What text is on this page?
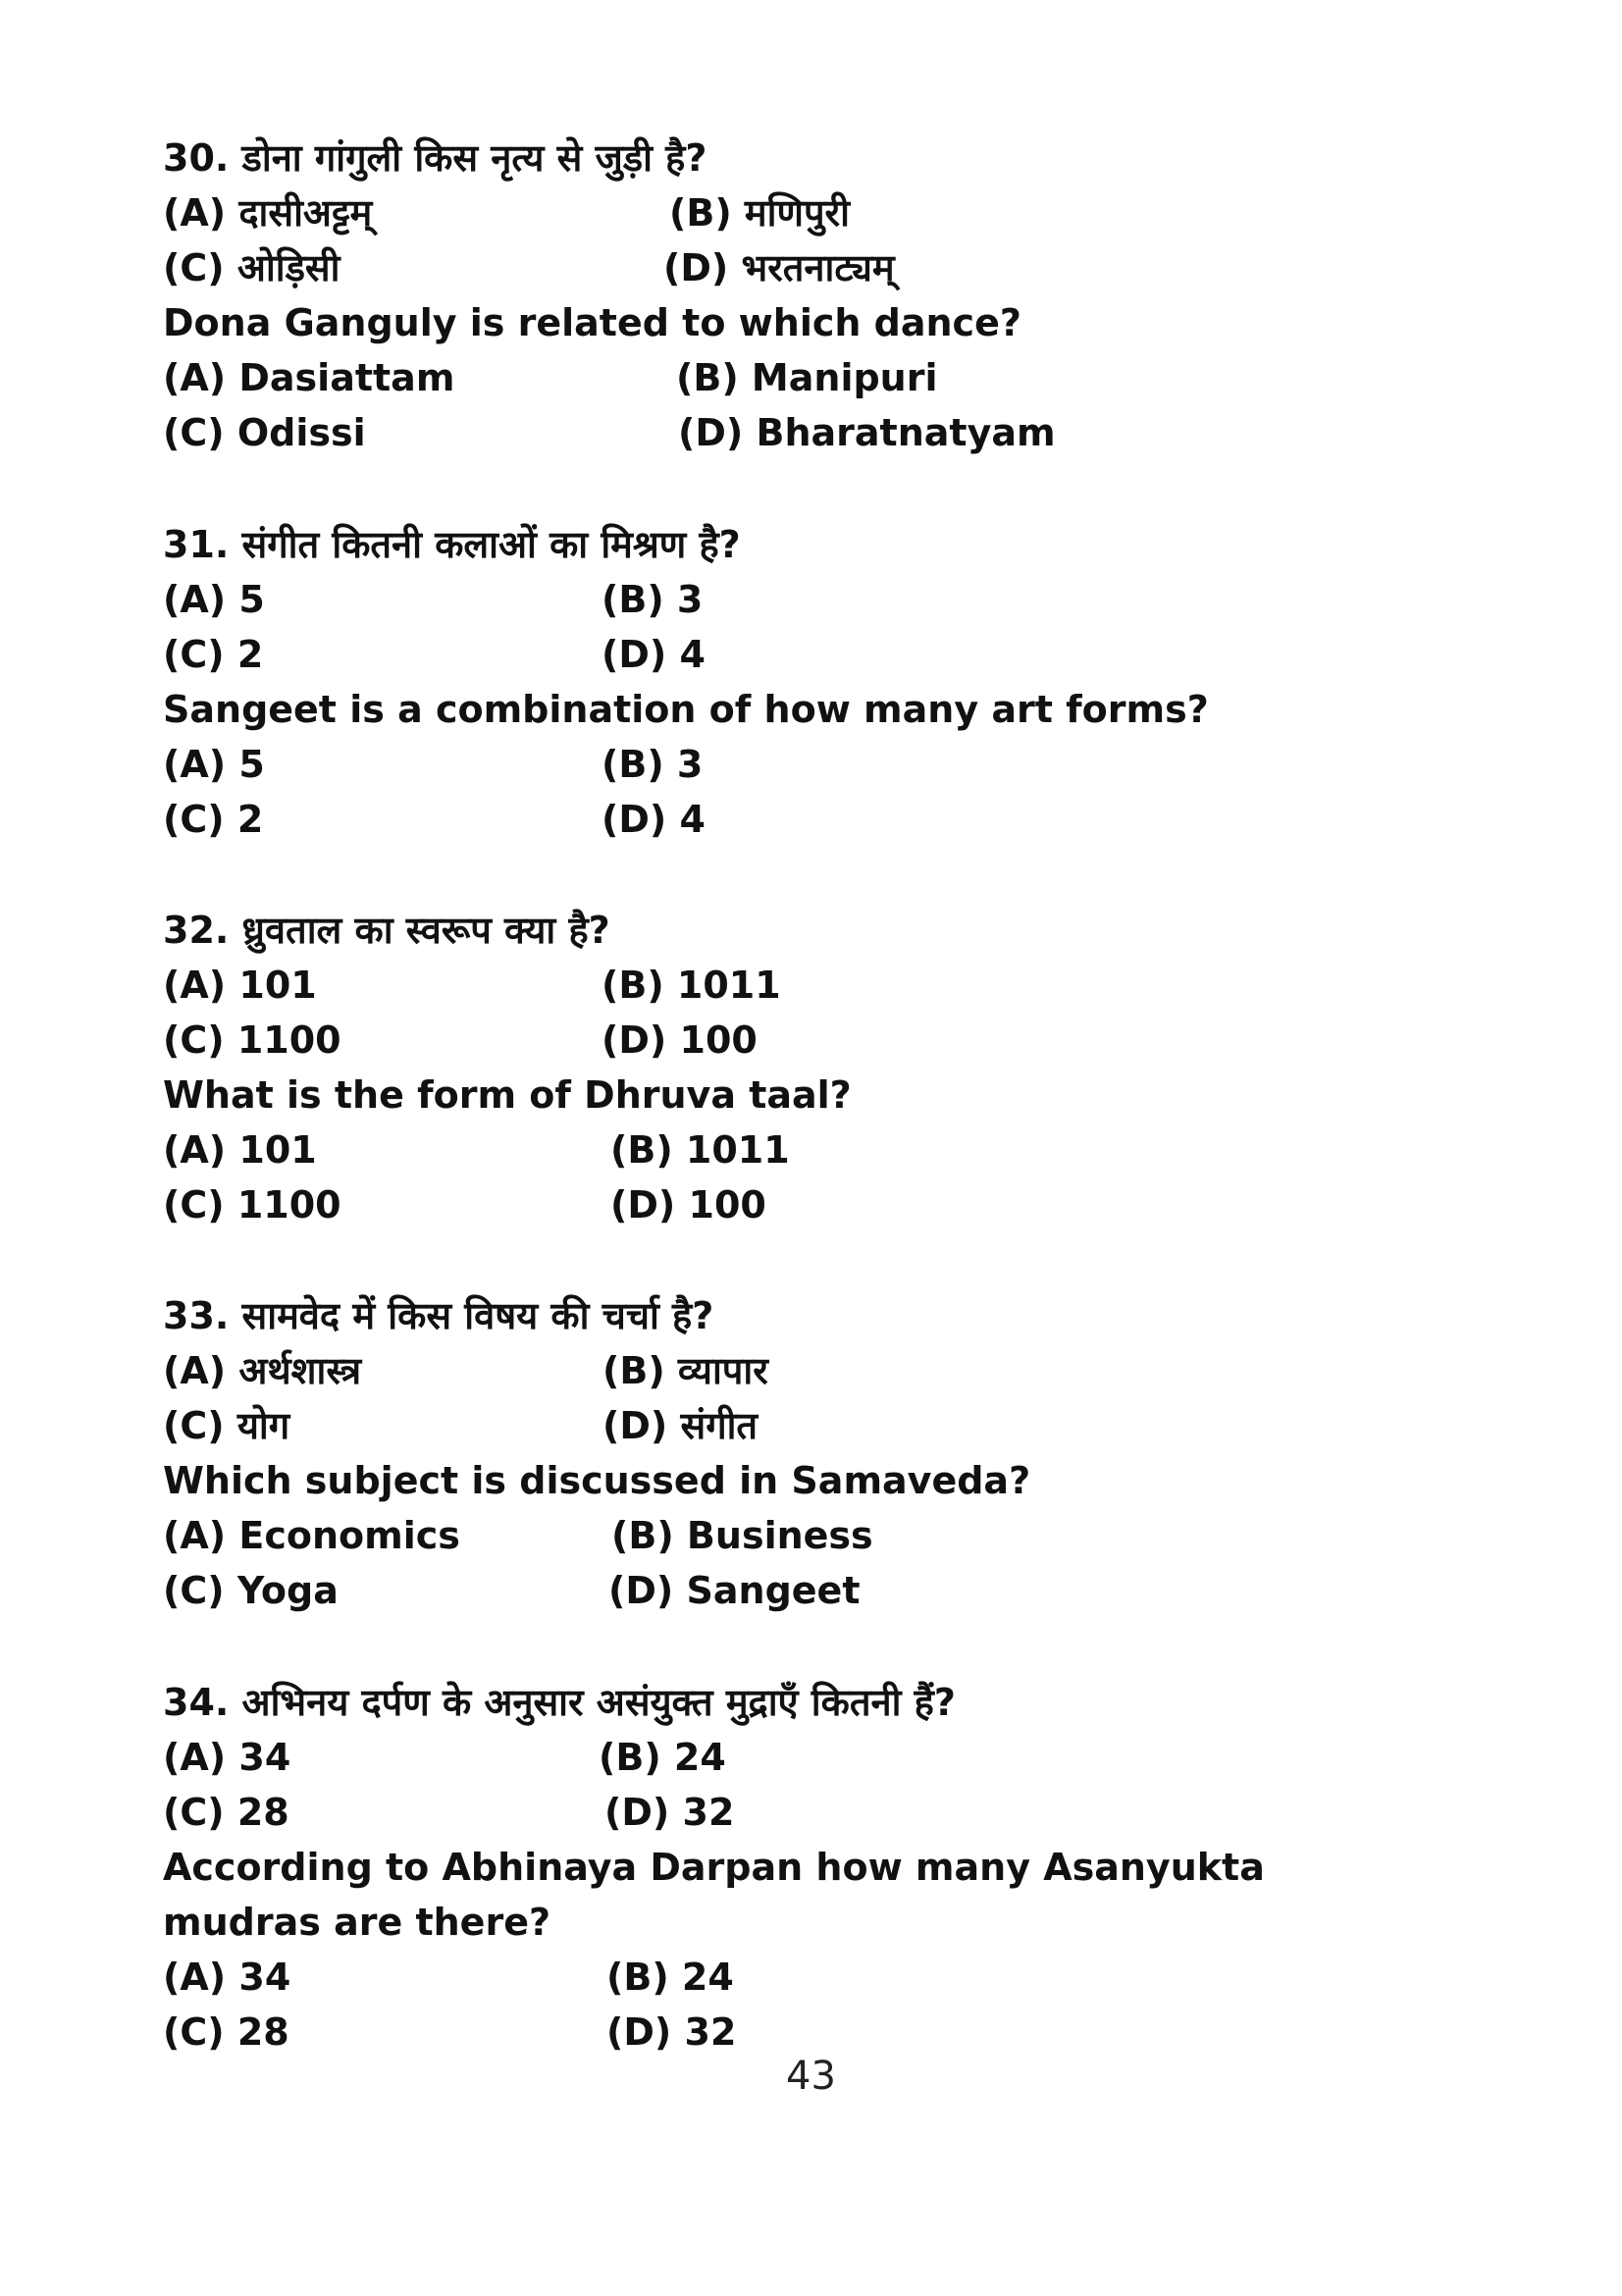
30. डोना गांगुली किस नृत्य से जुड़ी है?
(A) दासीअट्टम्	(B) मणिपुरी
(C) ओड़िसी	(D) भरतनाट्यम्
Dona Ganguly is related to which dance?
(A) Dasiattam	(B) Manipuri
(C) Odissi	(D) Bharatnatyam
31. संगीत कितनी कलाओं का मिश्रण है?
(A) 5	(B) 3
(C) 2	(D) 4
Sangeet is a combination of how many art forms?
(A) 5	(B) 3
(C) 2	(D) 4
32. ध्रुवताल का स्वरूप क्या है?
(A) 101	(B) 1011
(C) 1100	(D) 100
What is the form of Dhruva taal?
(A) 101	(B) 1011
(C) 1100	(D) 100
33. सामवेद में किस विषय की चर्चा है?
(A) अर्थशास्त्र	(B) व्यापार
(C) योग	(D) संगीत
Which subject is discussed in Samaveda?
(A) Economics	(B) Business
(C) Yoga	(D) Sangeet
34. अभिनय दर्पण के अनुसार असंयुक्त मुद्राएँ कितनी हैं?
(A) 34	(B) 24
(C) 28	(D) 32
According to Abhinaya Darpan how many Asanyukta mudras are there?
(A) 34	(B) 24
(C) 28	(D) 32
43
